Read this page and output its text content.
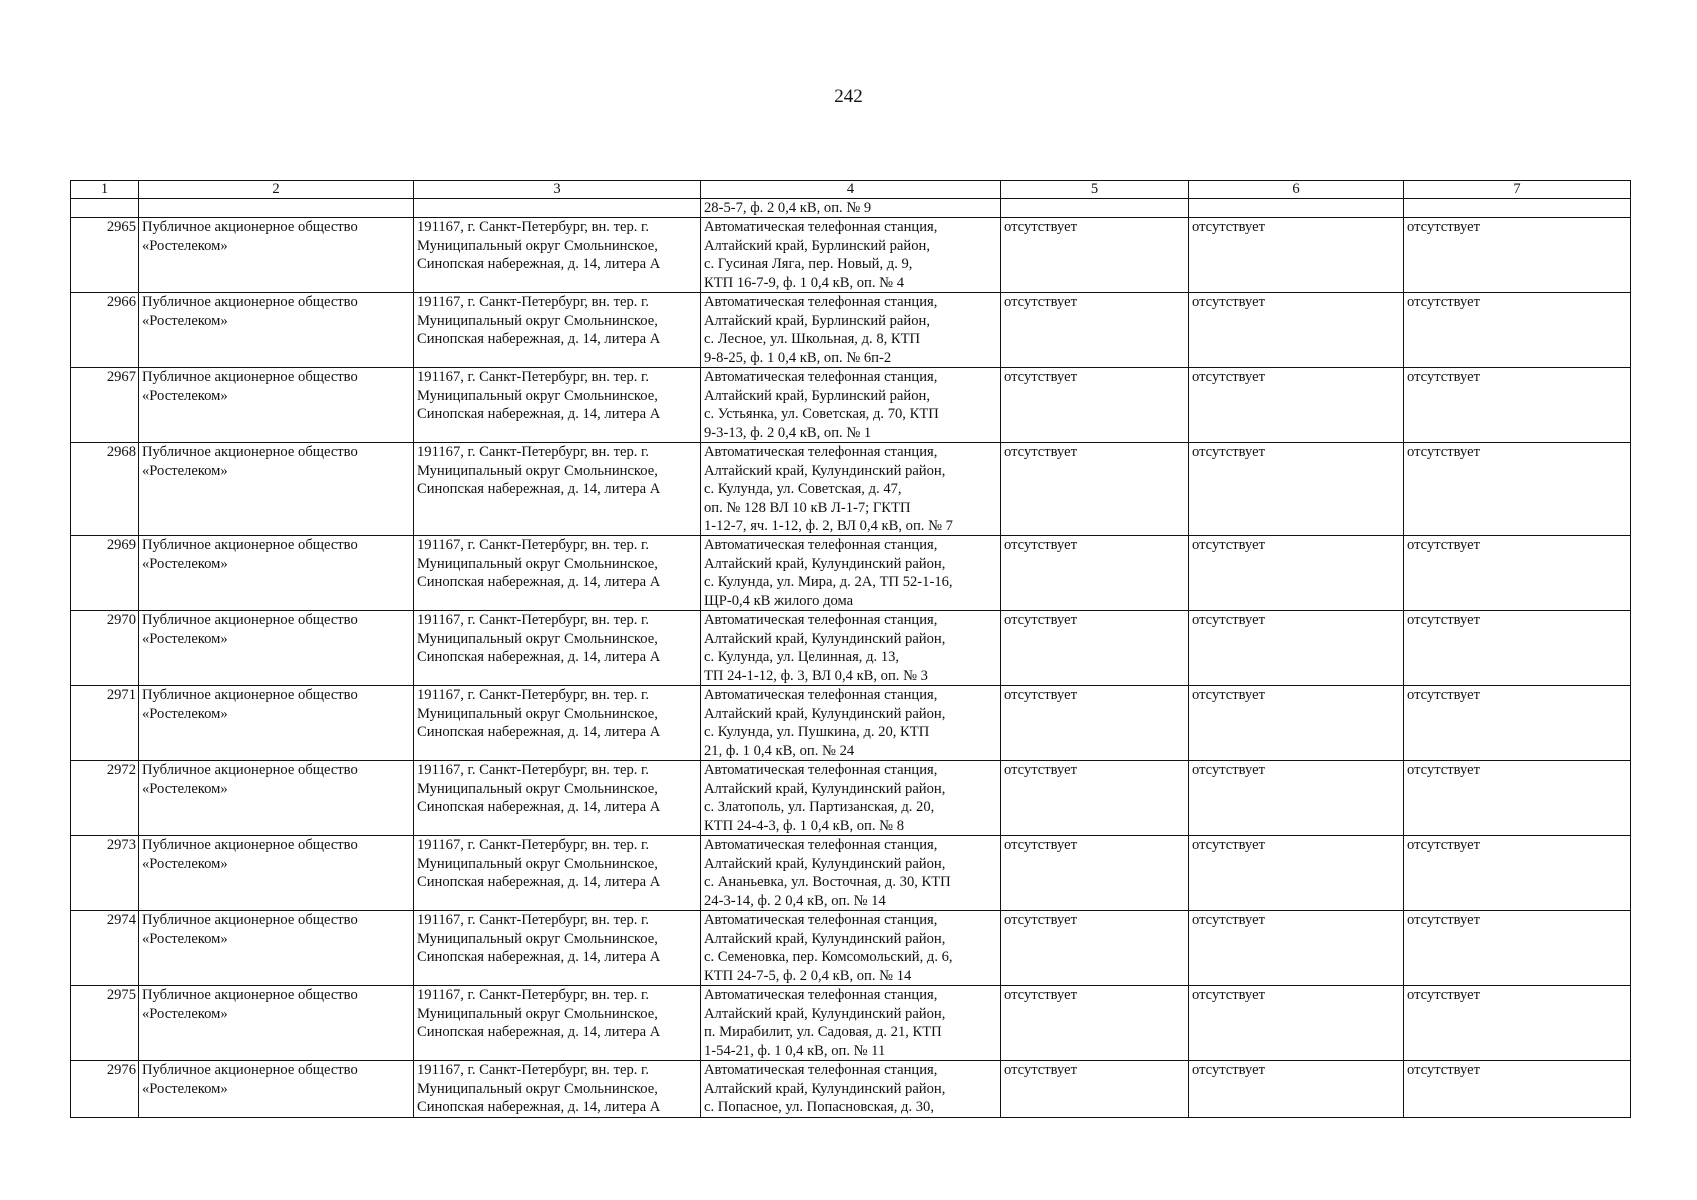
242
1	2	3	4	5	6	7
			28-5-7, ф. 2 0,4 кВ, оп. № 9			
2965	Публичное акционерное общество
«Ростелеком»	191167, г. Санкт-Петербург, вн. тер. г.
Муниципальный округ Смольнинское,
Синопская набережная, д. 14, литера А	Автоматическая телефонная станция,
Алтайский край, Бурлинский район,
с. Гусиная Ляга, пер. Новый, д. 9,
КТП 16-7-9, ф. 1 0,4 кВ, оп. № 4	отсутствует	отсутствует	отсутствует
2966	Публичное акционерное общество
«Ростелеком»	191167, г. Санкт-Петербург, вн. тер. г.
Муниципальный округ Смольнинское,
Синопская набережная, д. 14, литера А	Автоматическая телефонная станция,
Алтайский край, Бурлинский район,
с. Лесное, ул. Школьная, д. 8, КТП
9-8-25, ф. 1 0,4 кВ, оп. № 6п-2	отсутствует	отсутствует	отсутствует
2967	Публичное акционерное общество
«Ростелеком»	191167, г. Санкт-Петербург, вн. тер. г.
Муниципальный округ Смольнинское,
Синопская набережная, д. 14, литера А	Автоматическая телефонная станция,
Алтайский край, Бурлинский район,
с. Устьянка, ул. Советская, д. 70, КТП
9-3-13, ф. 2 0,4 кВ, оп. № 1	отсутствует	отсутствует	отсутствует
2968	Публичное акционерное общество
«Ростелеком»	191167, г. Санкт-Петербург, вн. тер. г.
Муниципальный округ Смольнинское,
Синопская набережная, д. 14, литера А	Автоматическая телефонная станция,
Алтайский край, Кулундинский район,
с. Кулунда, ул. Советская, д. 47,
оп. № 128 ВЛ 10 кВ Л-1-7; ГКТП
1-12-7, яч. 1-12, ф. 2, ВЛ 0,4 кВ, оп. № 7	отсутствует	отсутствует	отсутствует
2969	Публичное акционерное общество
«Ростелеком»	191167, г. Санкт-Петербург, вн. тер. г.
Муниципальный округ Смольнинское,
Синопская набережная, д. 14, литера А	Автоматическая телефонная станция,
Алтайский край, Кулундинский район,
с. Кулунда, ул. Мира, д. 2А, ТП 52-1-16,
ЩР-0,4 кВ жилого дома	отсутствует	отсутствует	отсутствует
2970	Публичное акционерное общество
«Ростелеком»	191167, г. Санкт-Петербург, вн. тер. г.
Муниципальный округ Смольнинское,
Синопская набережная, д. 14, литера А	Автоматическая телефонная станция,
Алтайский край, Кулундинский район,
с. Кулунда, ул. Целинная, д. 13,
ТП 24-1-12, ф. 3, ВЛ 0,4 кВ, оп. № 3	отсутствует	отсутствует	отсутствует
2971	Публичное акционерное общество
«Ростелеком»	191167, г. Санкт-Петербург, вн. тер. г.
Муниципальный округ Смольнинское,
Синопская набережная, д. 14, литера А	Автоматическая телефонная станция,
Алтайский край, Кулундинский район,
с. Кулунда, ул. Пушкина, д. 20, КТП
21, ф. 1 0,4 кВ, оп. № 24	отсутствует	отсутствует	отсутствует
2972	Публичное акционерное общество
«Ростелеком»	191167, г. Санкт-Петербург, вн. тер. г.
Муниципальный округ Смольнинское,
Синопская набережная, д. 14, литера А	Автоматическая телефонная станция,
Алтайский край, Кулундинский район,
с. Златополь, ул. Партизанская, д. 20,
КТП 24-4-3, ф. 1 0,4 кВ, оп. № 8	отсутствует	отсутствует	отсутствует
2973	Публичное акционерное общество
«Ростелеком»	191167, г. Санкт-Петербург, вн. тер. г.
Муниципальный округ Смольнинское,
Синопская набережная, д. 14, литера А	Автоматическая телефонная станция,
Алтайский край, Кулундинский район,
с. Ананьевка, ул. Восточная, д. 30, КТП
24-3-14, ф. 2 0,4 кВ, оп. № 14	отсутствует	отсутствует	отсутствует
2974	Публичное акционерное общество
«Ростелеком»	191167, г. Санкт-Петербург, вн. тер. г.
Муниципальный округ Смольнинское,
Синопская набережная, д. 14, литера А	Автоматическая телефонная станция,
Алтайский край, Кулундинский район,
с. Семеновка, пер. Комсомольский, д. 6,
КТП 24-7-5, ф. 2 0,4 кВ, оп. № 14	отсутствует	отсутствует	отсутствует
2975	Публичное акционерное общество
«Ростелеком»	191167, г. Санкт-Петербург, вн. тер. г.
Муниципальный округ Смольнинское,
Синопская набережная, д. 14, литера А	Автоматическая телефонная станция,
Алтайский край, Кулундинский район,
п. Мирабилит, ул. Садовая, д. 21, КТП
1-54-21, ф. 1 0,4 кВ, оп. № 11	отсутствует	отсутствует	отсутствует
2976	Публичное акционерное общество
«Ростелеком»	191167, г. Санкт-Петербург, вн. тер. г.
Муниципальный округ Смольнинское,
Синопская набережная, д. 14, литера А	Автоматическая телефонная станция,
Алтайский край, Кулундинский район,
с. Попасное, ул. Попасновская, д. 30,	отсутствует	отсутствует	отсутствует
